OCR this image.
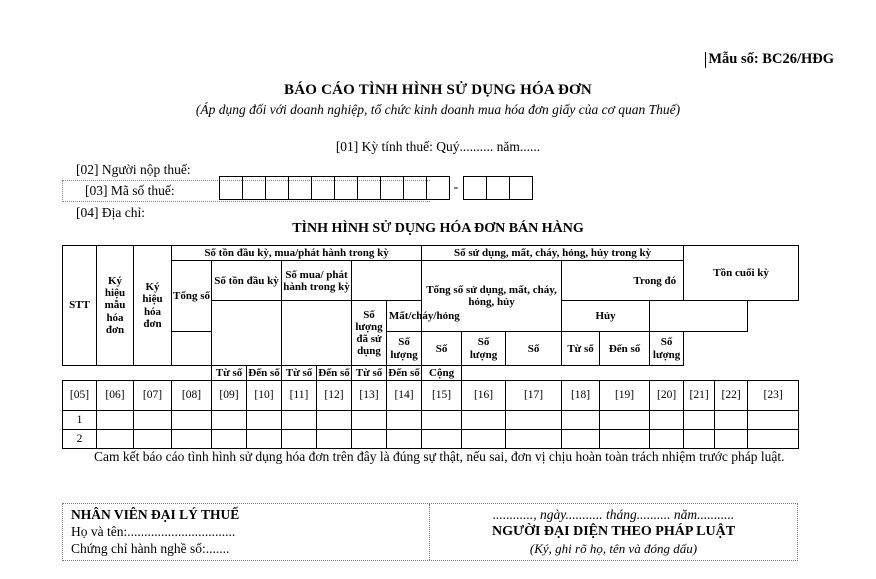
Mẫu số: BC26/HĐG
BÁO CÁO TÌNH HÌNH SỬ DỤNG HÓA ĐƠN
(Áp dụng đối với doanh nghiệp, tổ chức kinh doanh mua hóa đơn giấy của cơ quan Thuế)
[01] Kỳ tính thuế: Quý.......... năm......
[02] Người nộp thuế:
[03] Mã số thuế:
[04] Địa chỉ:
-
TÌNH HÌNH SỬ DỤNG HÓA ĐƠN BÁN HÀNG
STT	Ký hiệu mẫu hóa đơn	Ký hiệu hóa đơn	Số tồn đầu kỳ, mua/phát hành trong kỳ							Số sử dụng, mất, cháy, hỏng, hủy trong kỳ						Tồn cuối kỳ		
			Tổng số	Số tồn đầu kỳ		Số mua/ phát hành trong kỳ				Tổng số sử dụng, mất, cháy, hỏng, hủy			Trong đó					
								Số lượng đã sử dụng	Mất/cháy/hỏng				Hủy					
									Số lượng	Số	Số lượng	Số	Từ số	Đến số	Số lượng			
				Từ số	Đến số	Từ số	Đến số	Từ số	Đến số	Cộng								
[05]	[06]	[07]	[08]	[09]	[10]	[11]	[12]	[13]	[14]	[15]	[16]	[17]	[18]	[19]	[20]	[21]	[22]	[23]
1																		
2																		
Cam kết báo cáo tình hình sử dụng hóa đơn trên đây là đúng sự thật, nếu sai, đơn vị chịu hoàn toàn trách nhiệm trước pháp luật.
NHÂN VIÊN ĐẠI LÝ THUẾ
Họ và tên:................................
Chứng chỉ hành nghề số:.......
............, ngày........... tháng.......... năm...........
NGƯỜI ĐẠI DIỆN THEO PHÁP LUẬT
(Ký, ghi rõ họ, tên và đóng dấu)
